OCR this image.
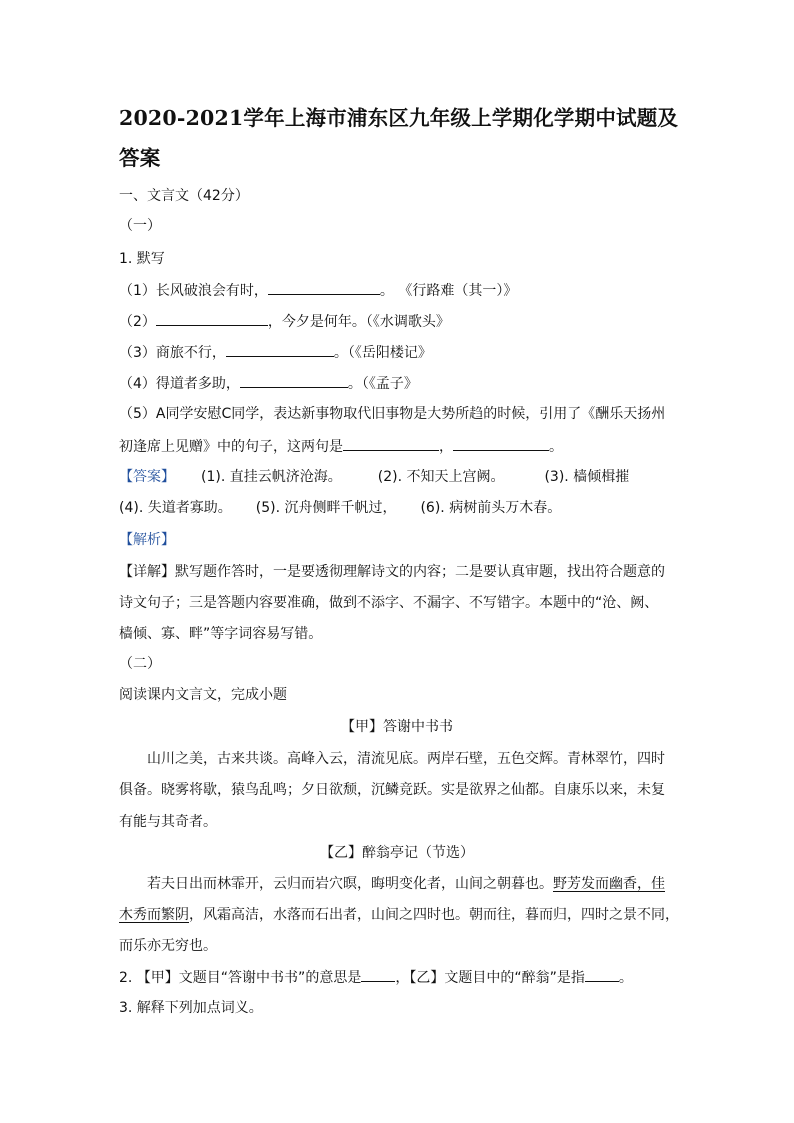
2020-2021学年上海市浦东区九年级上学期化学期中试题及
答案
一、文言文（42分）
（一）
1. 默写
（1）长风破浪会有时，	。 《行路难（其一）》
（2）	，今夕是何年。（《水调歌头》
（3）商旅不行，	。（《岳阳楼记》
（4）得道者多助，	。（《孟子》
（5）A同学安慰C同学，表达新事物取代旧事物是大势所趋的时候，引用了《酬乐天扬州
初逢席上见赠》中的句子，这两句是	，	。
【答案】 (1). 直挂云帆济沧海。	(2). 不知天上宫阙。	(3). 樯倾楫摧
(4). 失道者寡助。 (5). 沉舟侧畔千帆过， (6). 病树前头万木春。
【解析】
【详解】默写题作答时，一是要透彻理解诗文的内容；二是要认真审题，找出符合题意的
诗文句子；三是答题内容要准确，做到不添字、不漏字、不写错字。本题中的“沧、阙、
樯倾、寡、畔”等字词容易写错。
（二）
阅读课内文言文，完成小题
【甲】答谢中书书
山川之美，古来共谈。高峰入云，清流见底。两岸石壁，五色交辉。青林翠竹，四时
俱备。晓雾将歇，猿鸟乱鸣；夕日欲颓，沉鳞竞跃。实是欲界之仙都。自康乐以来，未复
有能与其奇者。
【乙】醉翁亭记（节选）
若夫日出而林霏开，云归而岩穴暝，晦明变化者，山间之朝暮也。野芳发而幽香，佳
木秀而繁阴，风霜高洁，水落而石出者，山间之四时也。朝而往，暮而归，四时之景不同，
而乐亦无穷也。
2. 【甲】文题目“答谢中书书”的意思是 ，【乙】文题目中的“醉翁”是指 。
3. 解释下列加点词义。
